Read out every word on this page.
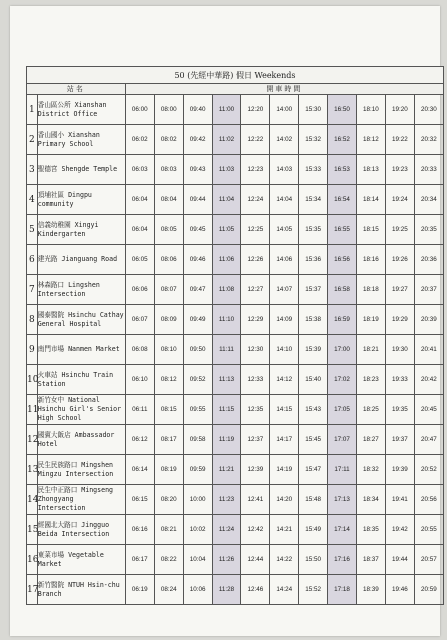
50 (先經中華路) 假日 Weekends												
站名		開車時間										
1	香山區公所 Xianshan District Office	06:00	08:00	09:40	11:00	12:20	14:00	15:30	16:50	18:10	19:20	20:30
2	香山國小 Xianshan Primary School	06:02	08:02	09:42	11:02	12:22	14:02	15:32	16:52	18:12	19:22	20:32
3	聖德宮 Shengde Temple	06:03	08:03	09:43	11:03	12:23	14:03	15:33	16:53	18:13	19:23	20:33
4	頂埔社區 Dingpu community	06:04	08:04	09:44	11:04	12:24	14:04	15:34	16:54	18:14	19:24	20:34
5	信義幼稚園 Xingyi Kindergarten	06:04	08:05	09:45	11:05	12:25	14:05	15:35	16:55	18:15	19:25	20:35
6	建光路 Jianguang Road	06:05	08:06	09:46	11:06	12:26	14:06	15:36	16:56	18:16	19:26	20:36
7	林森路口 Lingshen Intersection	06:06	08:07	09:47	11:08	12:27	14:07	15:37	16:58	18:18	19:27	20:37
8	國泰醫院 Hsinchu Cathay General Hospital	06:07	08:09	09:49	11:10	12:29	14:09	15:38	16:59	18:19	19:29	20:39
9	南門市場 Nanmen Market	06:08	08:10	09:50	11:11	12:30	14:10	15:39	17:00	18:21	19:30	20:41
10	火車站 Hsinchu Train Station	06:10	08:12	09:52	11:13	12:33	14:12	15:40	17:02	18:23	19:33	20:42
11	新竹女中 National Hsinchu Girl's Senior High School	06:11	08:15	09:55	11:15	12:35	14:15	15:43	17:05	18:25	19:35	20:45
12	國賓大飯店 Ambassador Hotel	06:12	08:17	09:58	11:19	12:37	14:17	15:45	17:07	18:27	19:37	20:47
13	民生民族路口 Mingshen Mingzu Intersection	06:14	08:19	09:59	11:21	12:39	14:19	15:47	17:11	18:32	19:39	20:52
14	民生中正路口 Mingseng Zhongyang Intersection	06:15	08:20	10:00	11:23	12:41	14:20	15:48	17:13	18:34	19:41	20:56
15	經國北大路口 Jingguo Beida Intersection	06:16	08:21	10:02	11:24	12:42	14:21	15:49	17:14	18:35	19:42	20:55
16	東菜市場 Vegetable Market	06:17	08:22	10:04	11:26	12:44	14:22	15:50	17:16	18:37	19:44	20:57
17	新竹醫院 NTUH Hsin-chu Branch	06:19	08:24	10:06	11:28	12:46	14:24	15:52	17:18	18:39	19:46	20:59
